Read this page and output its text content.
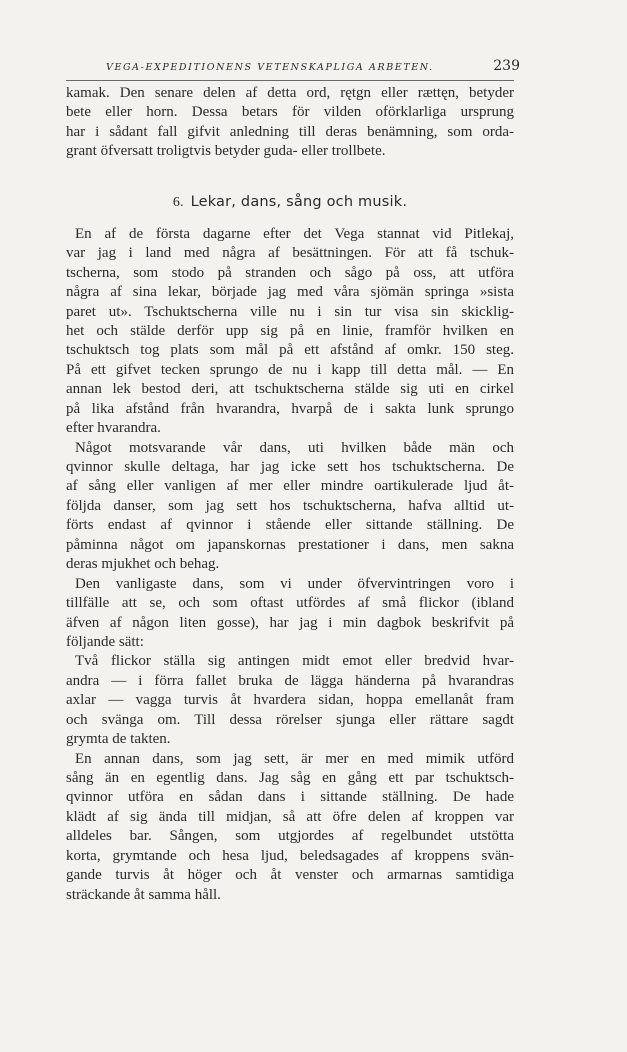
VEGA-EXPEDITIONENS VETENSKAPLIGA ARBETEN.	239
kamak. Den senare delen af detta ord, rętgn eller rættęn, betyder
bete eller horn. Dessa betars för vilden oförklarliga ursprung
har i sådant fall gifvit anledning till deras benämning, som orda-
grant öfversatt troligtvis betyder guda- eller trollbete.
6. Lekar, dans, sång och musik.
En af de första dagarne efter det Vega stannat vid Pitlekaj,
var jag i land med några af besättningen. För att få tschuk-
tscherna, som stodo på stranden och sågo på oss, att utföra
några af sina lekar, började jag med våra sjömän springa »sista
paret ut». Tschuktscherna ville nu i sin tur visa sin skicklig-
het och stälde derför upp sig på en linie, framför hvilken en
tschuktsch tog plats som mål på ett afstånd af omkr. 150 steg.
På ett gifvet tecken sprungo de nu i kapp till detta mål. — En
annan lek bestod deri, att tschuktscherna stälde sig uti en cirkel
på lika afstånd från hvarandra, hvarpå de i sakta lunk sprungo
efter hvarandra.
Något motsvarande vår dans, uti hvilken både män och
qvinnor skulle deltaga, har jag icke sett hos tschuktscherna. De
af sång eller vanligen af mer eller mindre oartikulerade ljud åt-
följda danser, som jag sett hos tschuktscherna, hafva alltid ut-
förts endast af qvinnor i stående eller sittande ställning. De
påminna något om japanskornas prestationer i dans, men sakna
deras mjukhet och behag.
Den vanligaste dans, som vi under öfvervintringen voro i
tillfälle att se, och som oftast utfördes af små flickor (ibland
äfven af någon liten gosse), har jag i min dagbok beskrifvit på
följande sätt:
Två flickor ställa sig antingen midt emot eller bredvid hvar-
andra — i förra fallet bruka de lägga händerna på hvarandras
axlar — vagga turvis åt hvardera sidan, hoppa emellanåt fram
och svänga om. Till dessa rörelser sjunga eller rättare sagdt
grymta de takten.
En annan dans, som jag sett, är mer en med mimik utförd
sång än en egentlig dans. Jag såg en gång ett par tschuktsch-
qvinnor utföra en sådan dans i sittande ställning. De hade
klädt af sig ända till midjan, så att öfre delen af kroppen var
alldeles bar. Sången, som utgjordes af regelbundet utstötta
korta, grymtande och hesa ljud, beledsagades af kroppens svän-
gande turvis åt höger och åt venster och armarnas samtidiga
sträckande åt samma håll.
